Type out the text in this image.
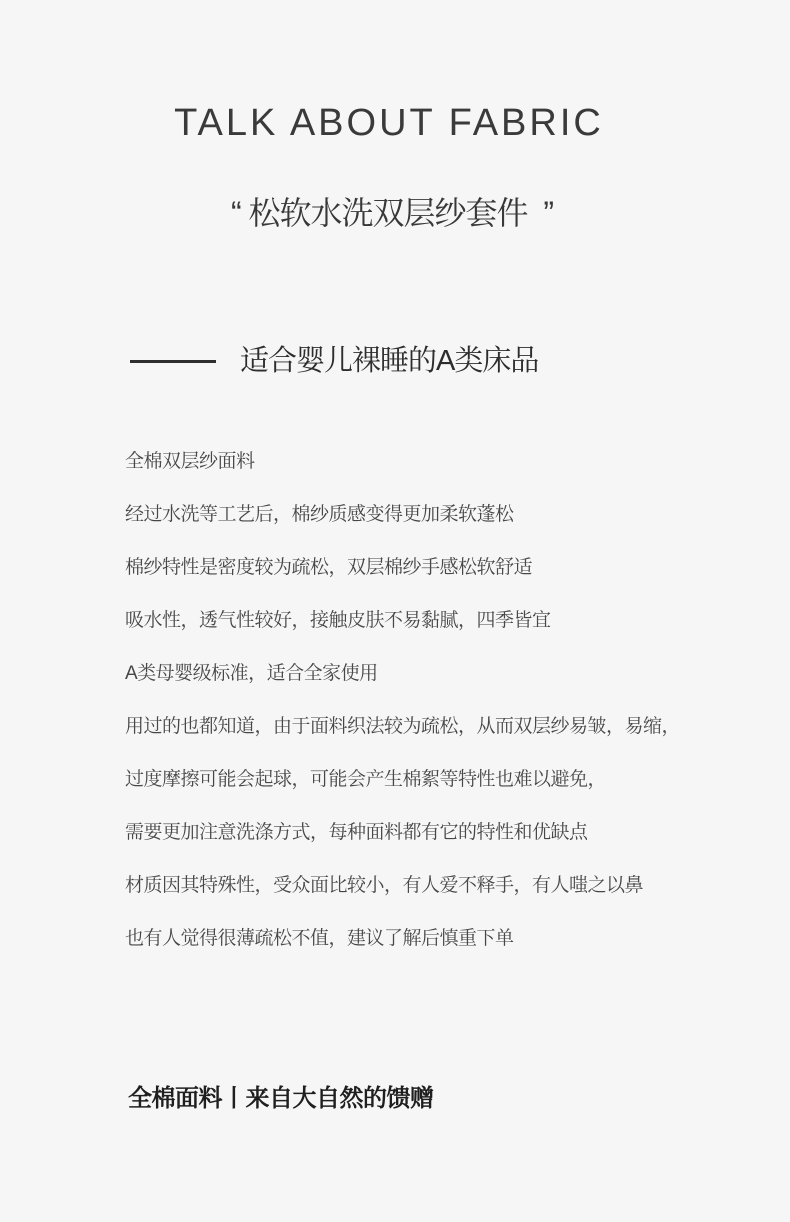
TALK ABOUT FABRIC
“ 松软水洗双层纱套件  ”
适合婴儿裸睡的A类床品

全棉双层纱面料

经过水洗等工艺后，棉纱质感变得更加柔软蓬松

棉纱特性是密度较为疏松，双层棉纱手感松软舒适

吸水性，透气性较好，接触皮肤不易黏腻，四季皆宜

A类母婴级标准，适合全家使用

用过的也都知道，由于面料织法较为疏松，从而双层纱易皱，易缩，

过度摩擦可能会起球，可能会产生棉絮等特性也难以避免，

需要更加注意洗涤方式，每种面料都有它的特性和优缺点

材质因其特殊性，受众面比较小，有人爱不释手，有人嗤之以鼻

也有人觉得很薄疏松不值，建议了解后慎重下单

全棉面料丨来自大自然的馈赠
